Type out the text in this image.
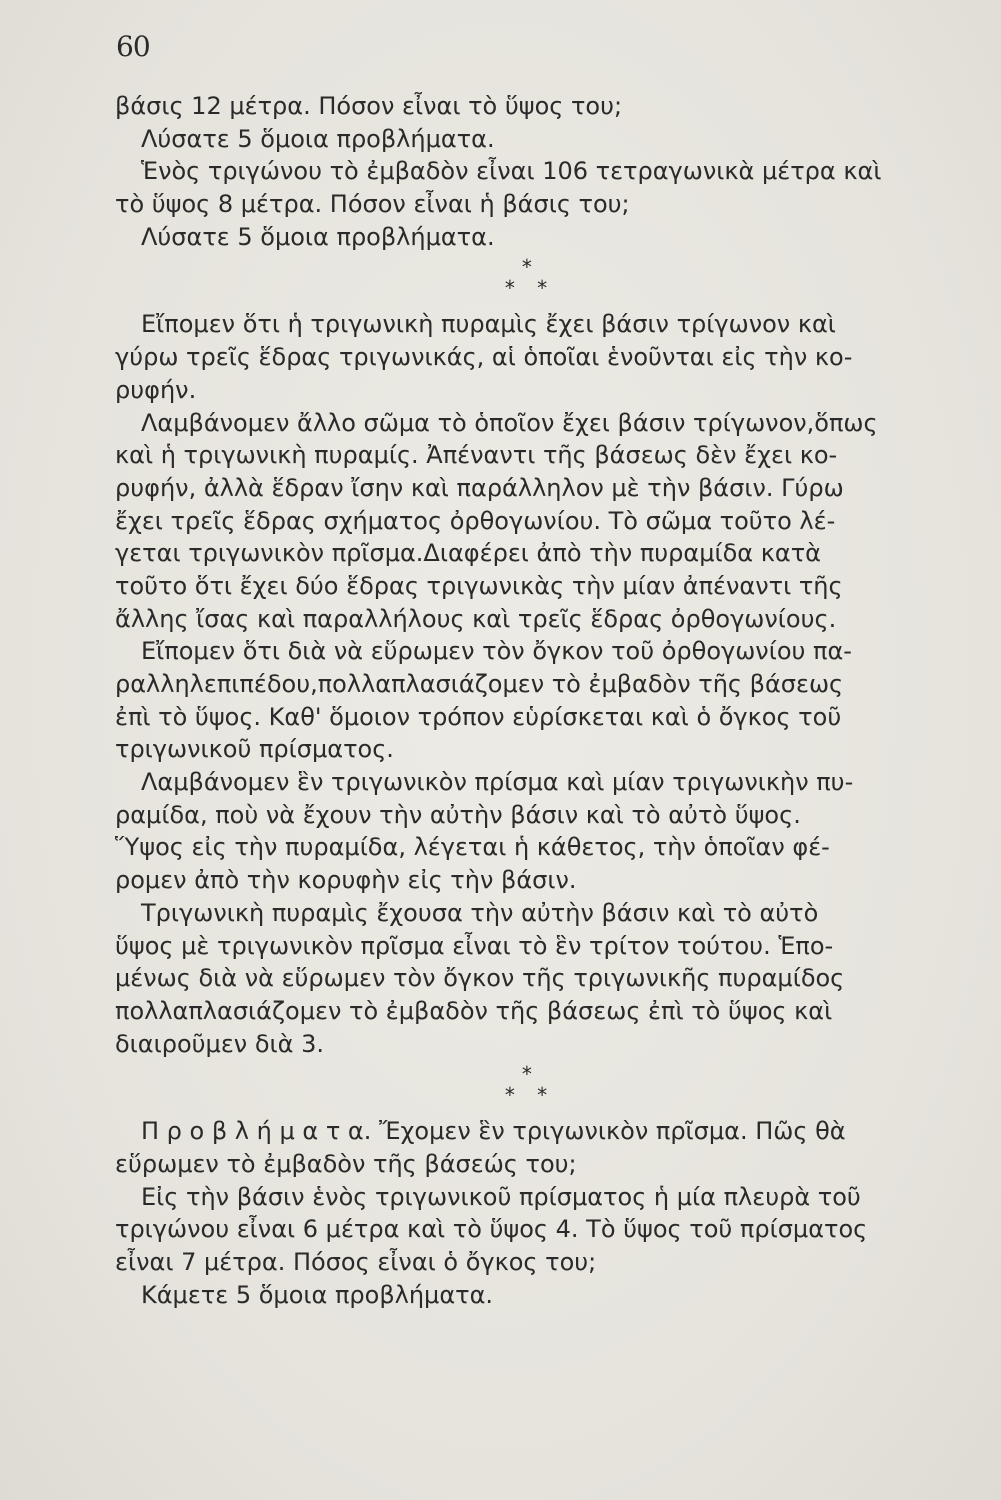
60
βάσις 12 μέτρα. Πόσον εἶναι τὸ ὕψος του;
Λύσατε 5 ὅμοια προβλήματα.
Ἑνὸς τριγώνου τὸ ἐμβαδὸν εἶναι 106 τετραγωνικὰ μέτρα καὶ
τὸ ὕψος 8 μέτρα. Πόσον εἶναι ἡ βάσις του;
Λύσατε 5 ὅμοια προβλήματα.
*
* *
Εἴπομεν ὅτι ἡ τριγωνικὴ πυραμὶς ἔχει βάσιν τρίγωνον καὶ
γύρω τρεῖς ἕδρας τριγωνικάς, αἱ ὁποῖαι ἑνοῦνται εἰς τὴν κο-
ρυφήν.
Λαμβάνομεν ἄλλο σῶμα τὸ ὁποῖον ἔχει βάσιν τρίγωνον,ὅπως
καὶ ἡ τριγωνικὴ πυραμίς. Ἀπέναντι τῆς βάσεως δὲν ἔχει κο-
ρυφήν, ἀλλὰ ἕδραν ἴσην καὶ παράλληλον μὲ τὴν βάσιν. Γύρω
ἔχει τρεῖς ἕδρας σχήματος ὀρθογωνίου. Τὸ σῶμα τοῦτο λέ-
γεται τριγωνικὸν πρῖσμα.Διαφέρει ἀπὸ τὴν πυραμίδα κατὰ
τοῦτο ὅτι ἔχει δύο ἕδρας τριγωνικὰς τὴν μίαν ἀπέναντι τῆς
ἄλλης ἴσας καὶ παραλλήλους καὶ τρεῖς ἕδρας ὀρθογωνίους.
Εἴπομεν ὅτι διὰ νὰ εὕρωμεν τὸν ὄγκον τοῦ ὀρθογωνίου πα-
ραλληλεπιπέδου,πολλαπλασιάζομεν τὸ ἐμβαδὸν τῆς βάσεως
ἐπὶ τὸ ὕψος. Καθ' ὅμοιον τρόπον εὑρίσκεται καὶ ὁ ὄγκος τοῦ
τριγωνικοῦ πρίσματος.
Λαμβάνομεν ἓν τριγωνικὸν πρίσμα καὶ μίαν τριγωνικὴν πυ-
ραμίδα, ποὺ νὰ ἔχουν τὴν αὐτὴν βάσιν καὶ τὸ αὐτὸ ὕψος.
Ὕψος εἰς τὴν πυραμίδα, λέγεται ἡ κάθετος, τὴν ὁποῖαν φέ-
ρομεν ἀπὸ τὴν κορυφὴν εἰς τὴν βάσιν.
Τριγωνικὴ πυραμὶς ἔχουσα τὴν αὐτὴν βάσιν καὶ τὸ αὐτὸ
ὕψος μὲ τριγωνικὸν πρῖσμα εἶναι τὸ ἓν τρίτον τούτου. Ἑπο-
μένως διὰ νὰ εὕρωμεν τὸν ὄγκον τῆς τριγωνικῆς πυραμίδος
πολλαπλασιάζομεν τὸ ἐμβαδὸν τῆς βάσεως ἐπὶ τὸ ὕψος καὶ
διαιροῦμεν διὰ 3.
*
* *
Π ρ ο β λ ή μ α τ α. Ἔχομεν ἓν τριγωνικὸν πρῖσμα. Πῶς θὰ
εὕρωμεν τὸ ἐμβαδὸν τῆς βάσεώς του;
Εἰς τὴν βάσιν ἑνὸς τριγωνικοῦ πρίσματος ἡ μία πλευρὰ τοῦ
τριγώνου εἶναι 6 μέτρα καὶ τὸ ὕψος 4. Τὸ ὕψος τοῦ πρίσματος
εἶναι 7 μέτρα. Πόσος εἶναι ὁ ὄγκος του;
Κάμετε 5 ὅμοια προβλήματα.
